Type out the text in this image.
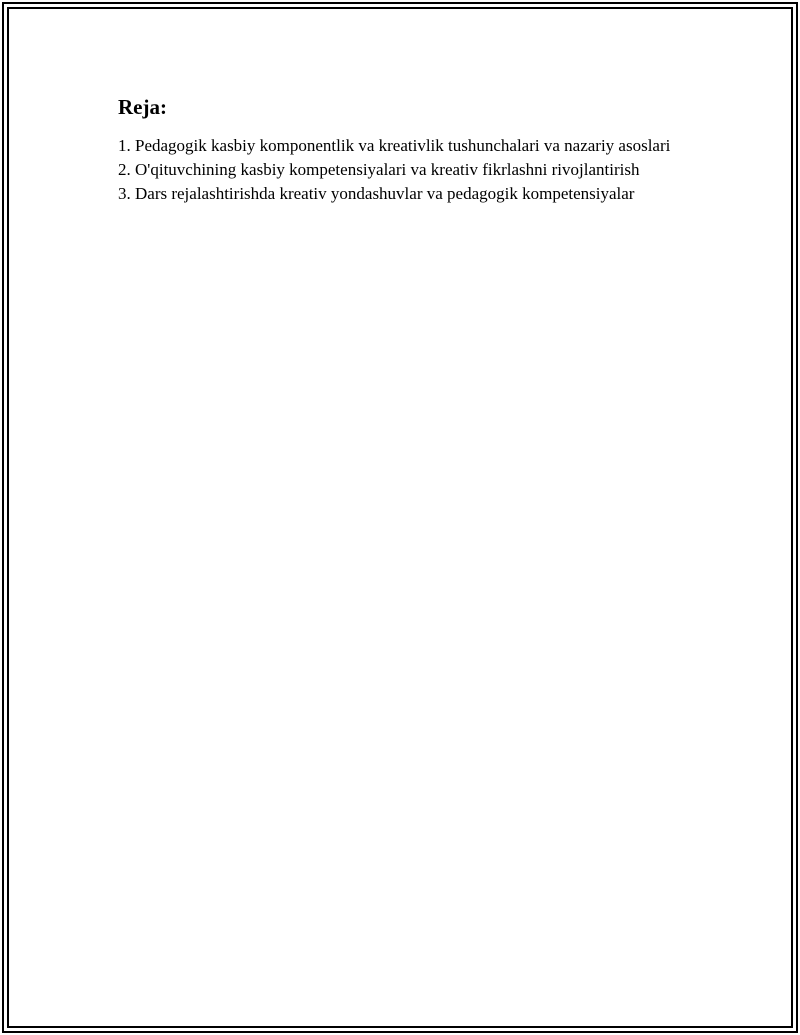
Reja:
1. Pedagogik kasbiy komponentlik va kreativlik tushunchalari va nazariy asoslari
2. O'qituvchining kasbiy kompetensiyalari va kreativ fikrlashni rivojlantirish
3. Dars rejalashtirishda kreativ yondashuvlar va pedagogik kompetensiyalar
